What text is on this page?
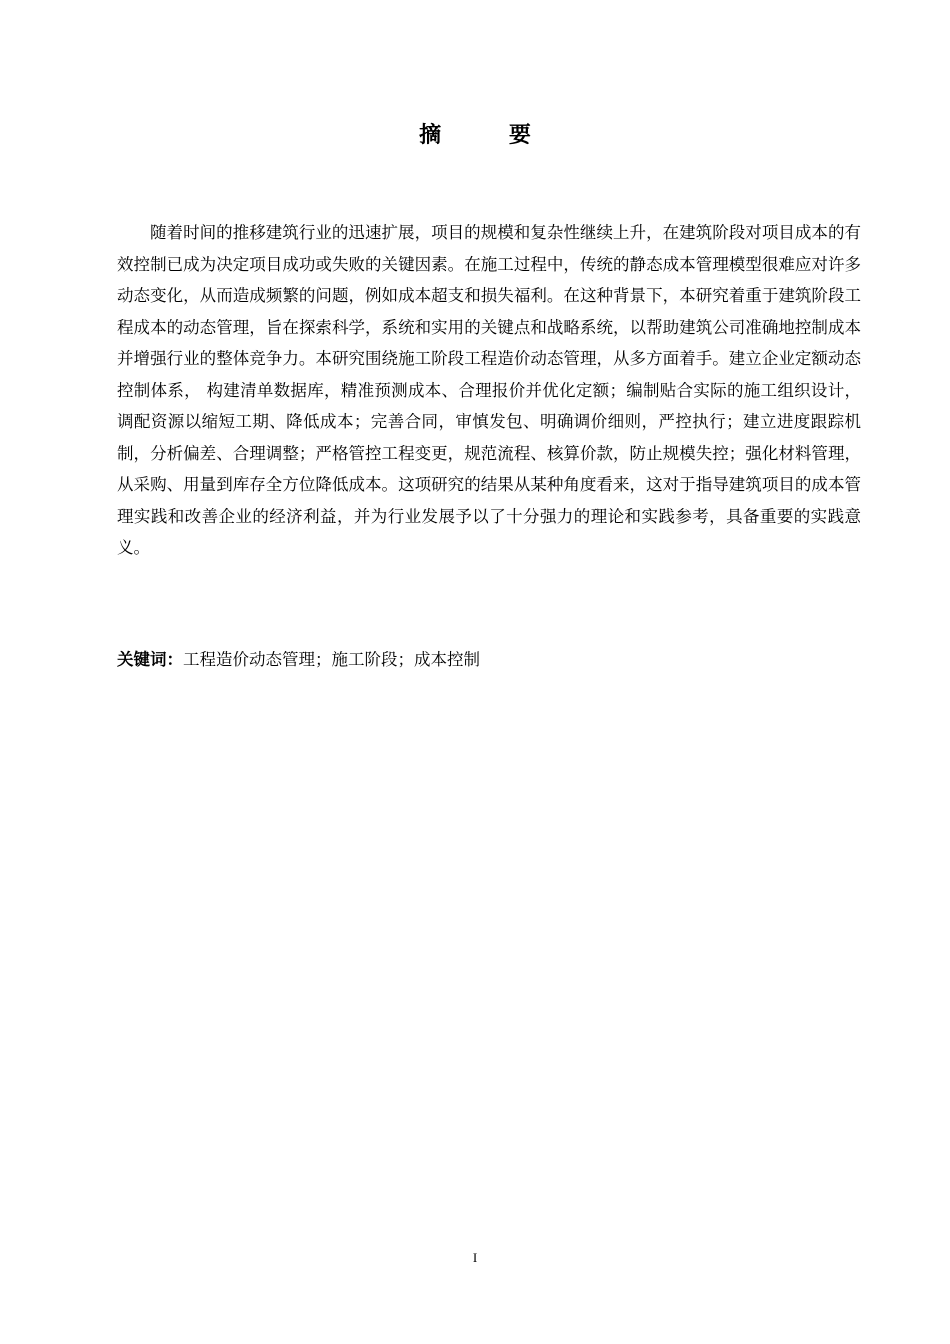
摘 要

随着时间的推移建筑行业的迅速扩展，项目的规模和复杂性继续上升，在建筑阶段对项目成本的有效控制已成为决定项目成功或失败的关键因素。在施工过程中，传统的静态成本管理模型很难应对许多动态变化，从而造成频繁的问题，例如成本超支和损失福利。在这种背景下，本研究着重于建筑阶段工程成本的动态管理，旨在探索科学，系统和实用的关键点和战略系统，以帮助建筑公司准确地控制成本并增强行业的整体竞争力。本研究围绕施工阶段工程造价动态管理，从多方面着手。建立企业定额动态控制体系， 构建清单数据库，精准预测成本、合理报价并优化定额；编制贴合实际的施工组织设计，调配资源以缩短工期、降低成本；完善合同，审慎发包、明确调价细则，严控执行；建立进度跟踪机制，分析偏差、合理调整；严格管控工程变更，规范流程、核算价款，防止规模失控；强化材料管理，从采购、用量到库存全方位降低成本。这项研究的结果从某种角度看来，这对于指导建筑项目的成本管理实践和改善企业的经济利益，并为行业发展予以了十分强力的理论和实践参考，具备重要的实践意义。

关键词：工程造价动态管理；施工阶段；成本控制

I
